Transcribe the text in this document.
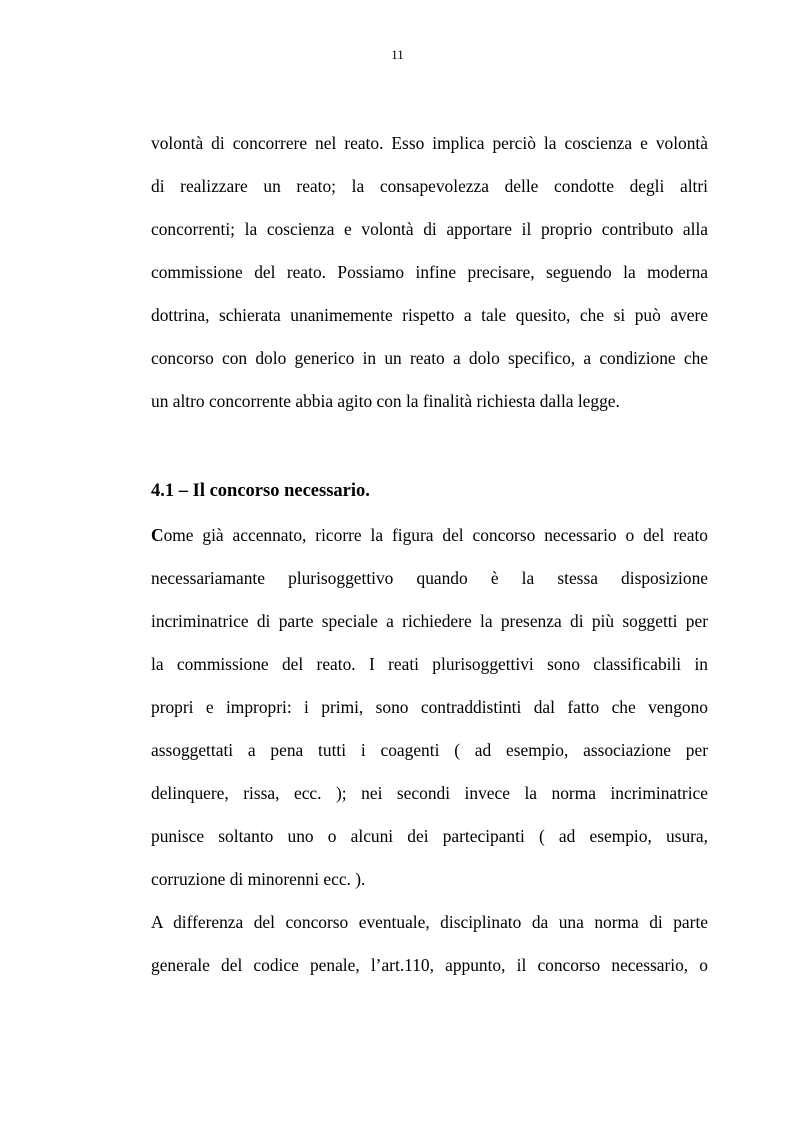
11
volontà di concorrere nel reato. Esso implica perciò la coscienza e volontà
di realizzare un reato; la consapevolezza delle condotte degli altri
concorrenti; la coscienza e volontà di apportare il proprio contributo alla
commissione del reato. Possiamo infine precisare, seguendo la moderna
dottrina, schierata unanimemente rispetto a tale quesito, che si può avere
concorso con dolo generico in un reato a dolo specifico, a condizione che
un altro concorrente abbia agito con la finalità richiesta dalla legge.
4.1 – Il concorso necessario.
Come già accennato, ricorre la figura del concorso necessario o del reato
necessariamante plurisoggettivo quando è la stessa disposizione
incriminatrice di parte speciale a richiedere la presenza di più soggetti per
la commissione del reato. I reati plurisoggettivi sono classificabili in
propri e impropri: i primi, sono contraddistinti dal fatto che vengono
assoggettati a pena tutti i coagenti ( ad esempio, associazione per
delinquere, rissa, ecc. ); nei secondi invece la norma incriminatrice
punisce soltanto uno o alcuni dei partecipanti ( ad esempio, usura,
corruzione di minorenni ecc. ).
A differenza del concorso eventuale, disciplinato da una norma di parte
generale del codice penale, l’art.110, appunto, il concorso necessario, o
